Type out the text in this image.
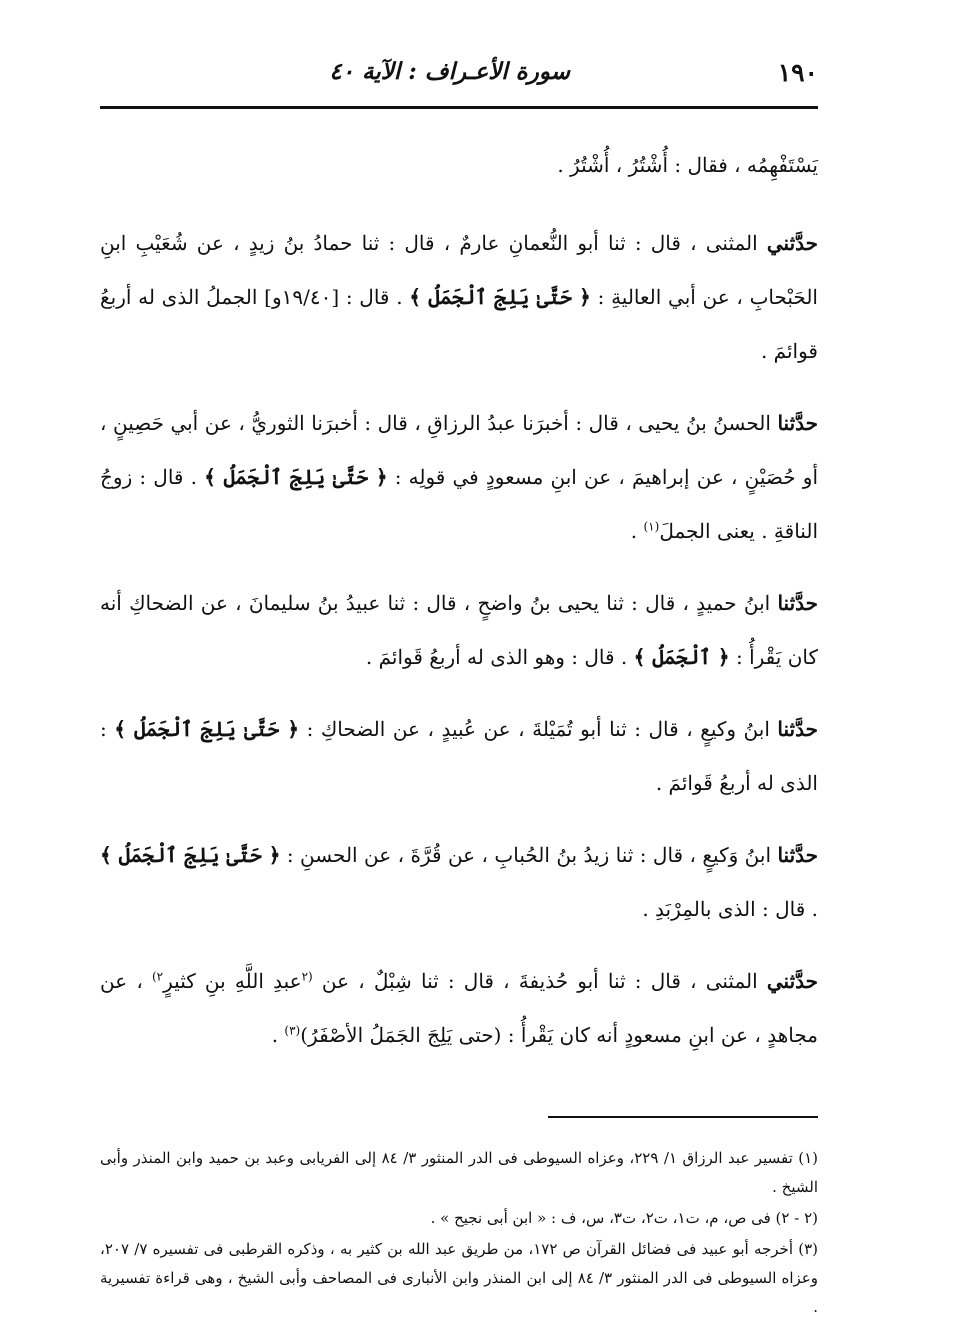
١٩٠
سورة الأعـراف : الآية ٤٠

يَسْتَفْهِمُه ، فقال : أُشْتُرُ ، أُشْتُرُ .

حدَّثني المثنى ، قال : ثنا أبو النُّعمانِ عارمٌ ، قال : ثنا حمادُ بنُ زيدٍ ، عن شُعَيْبِ ابنِ الحَبْحابِ ، عن أبي العاليةِ : ﴿ حَتَّىٰ يَلِجَ ٱلْجَمَلُ ﴾ . قال : [١٩/٤٠و] الجملُ الذى له أربعُ قوائمَ .

حدَّثنا الحسنُ بنُ يحيى ، قال : أخبرَنا عبدُ الرزاقِ ، قال : أخبرَنا الثوريُّ ، عن أبي حَصِينٍ ، أو حُصَيْنٍ ، عن إبراهيمَ ، عن ابنِ مسعودٍ في قولِه : ﴿ حَتَّىٰ يَلِجَ ٱلْجَمَلُ ﴾ . قال : زوجُ الناقةِ . يعنى الجملَ$^{(١)}$ .

حدَّثنا ابنُ حميدٍ ، قال : ثنا يحيى بنُ واضحٍ ، قال : ثنا عبيدُ بنُ سليمانَ ، عن الضحاكِ أنه كان يَقْرأُ : ﴿ ٱلْجَمَلُ ﴾ . قال : وهو الذى له أربعُ قَوائمَ .

حدَّثنا ابنُ وكيعٍ ، قال : ثنا أبو تُمَيْلةَ ، عن عُبيدٍ ، عن الضحاكِ : ﴿ حَتَّىٰ يَلِجَ ٱلْجَمَلُ ﴾ : الذى له أربعُ قَوائمَ .

حدَّثنا ابنُ وَكيعٍ ، قال : ثنا زيدُ بنُ الحُبابِ ، عن قُرَّةَ ، عن الحسنِ : ﴿ حَتَّىٰ يَلِجَ ٱلْجَمَلُ ﴾ . قال : الذى بالمِرْبَدِ .

حدَّثني المثنى ، قال : ثنا أبو حُذيفةَ ، قال : ثنا شِبْلٌ ، عن $^{(٢}$عبدِ اللَّهِ بنِ كثيرٍ$^{٢)}$ ، عن مجاهدٍ ، عن ابنِ مسعودٍ أنه كان يَقْرأُ : (حتى يَلِجَ الجَمَلُ الأصْفَرُ)$^{(٣)}$ .

(١) تفسير عبد الرزاق ١/ ٢٢٩، وعزاه السيوطى فى الدر المنثور ٣/ ٨٤ إلى الفريابى وعبد بن حميد وابن المنذر وأبى الشيخ .

(٢ - ٢) فى ص، م، ت١، ت٢، ت٣، س، ف : « ابن أبى نجيح » .

(٣) أخرجه أبو عبيد فى فضائل القرآن ص ١٧٢، من طريق عبد الله بن كثير به ، وذكره القرطبى فى تفسيره ٧/ ٢٠٧، وعزاه السيوطى فى الدر المنثور ٣/ ٨٤ إلى ابن المنذر وابن الأنبارى فى المصاحف وأبى الشيخ ، وهى قراءة تفسيرية .
